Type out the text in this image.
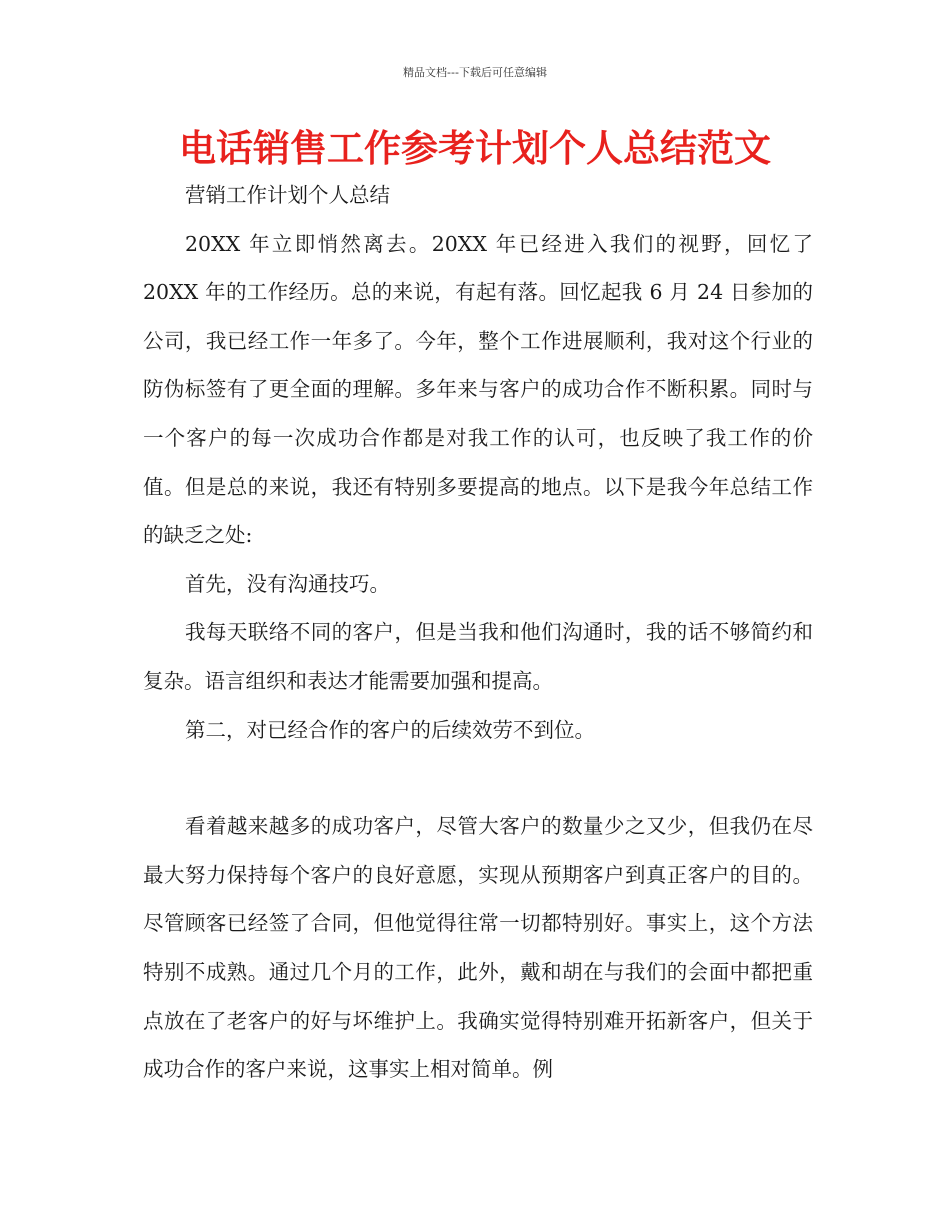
精品文档---下载后可任意编辑
电话销售工作参考计划个人总结范文

营销工作计划个人总结

20XX 年立即悄然离去。20XX 年已经进入我们的视野，回忆了 20XX 年的工作经历。总的来说，有起有落。回忆起我 6 月 24 日参加的公司，我已经工作一年多了。今年，整个工作进展顺利，我对这个行业的防伪标签有了更全面的理解。多年来与客户的成功合作不断积累。同时与一个客户的每一次成功合作都是对我工作的认可，也反映了我工作的价值。但是总的来说，我还有特别多要提高的地点。以下是我今年总结工作的缺乏之处:

首先，没有沟通技巧。

我每天联络不同的客户，但是当我和他们沟通时，我的话不够简约和复杂。语言组织和表达才能需要加强和提高。

第二，对已经合作的客户的后续效劳不到位。

看着越来越多的成功客户，尽管大客户的数量少之又少，但我仍在尽最大努力保持每个客户的良好意愿，实现从预期客户到真正客户的目的。尽管顾客已经签了合同，但他觉得往常一切都特别好。事实上，这个方法特别不成熟。通过几个月的工作，此外，戴和胡在与我们的会面中都把重点放在了老客户的好与坏维护上。我确实觉得特别难开拓新客户，但关于成功合作的客户来说，这事实上相对简单。例
